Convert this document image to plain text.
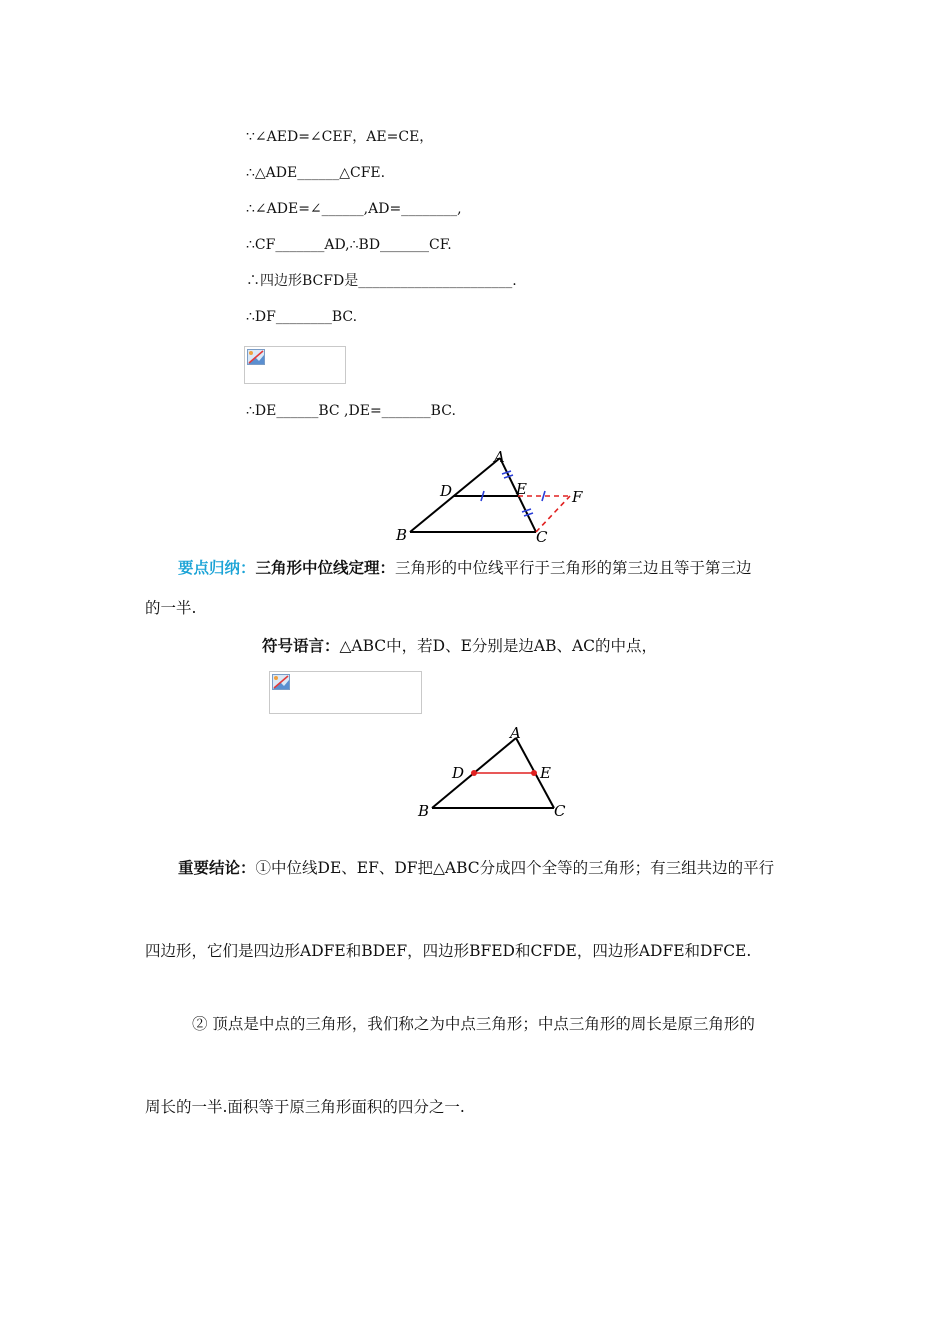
∵∠AED=∠CEF，AE=CE，
∴△ADE______△CFE.
∴∠ADE=∠______,AD=________,
∴CF_______AD,∴BD_______CF.
∴四边形BCFD是______________________.
∴DF________BC.
∴DE______BC ,DE=_______BC.
A
B	C
D	E	F
要点归纳：三角形中位线定理：三角形的中位线平行于三角形的第三边且等于第三边
的一半.
符号语言：△ABC中，若D、E分别是边AB、AC的中点，
A
B	C
D	E
重要结论：①中位线DE、EF、DF把△ABC分成四个全等的三角形；有三组共边的平行
四边形，它们是四边形ADFE和BDEF，四边形BFED和CFDE，四边形ADFE和DFCE.
② 顶点是中点的三角形，我们称之为中点三角形；中点三角形的周长是原三角形的
周长的一半.面积等于原三角形面积的四分之一.
